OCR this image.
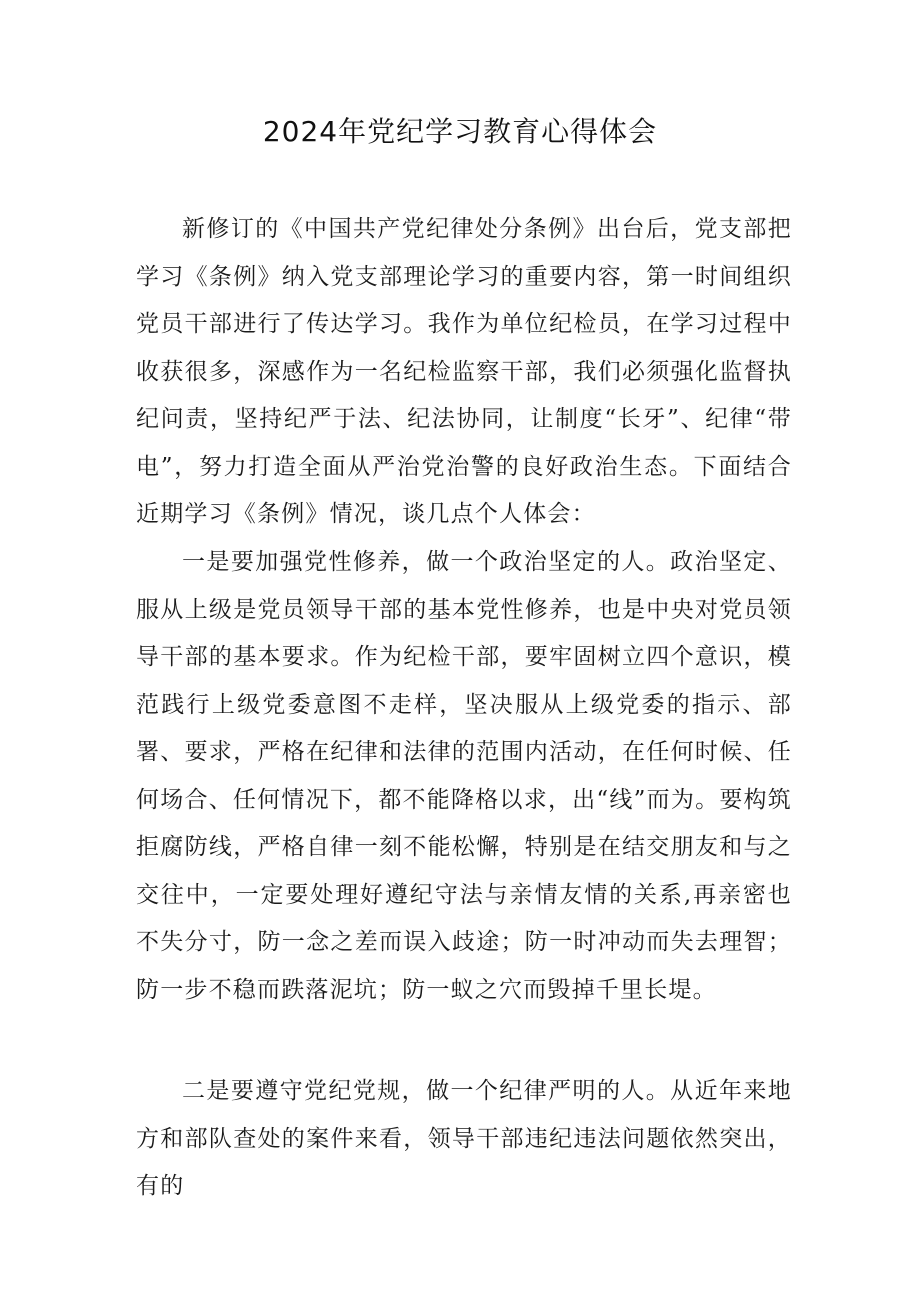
2024年党纪学习教育心得体会

新修订的《中国共产党纪律处分条例》出台后，党支部把学习《条例》纳入党支部理论学习的重要内容，第一时间组织党员干部进行了传达学习。我作为单位纪检员，在学习过程中收获很多，深感作为一名纪检监察干部，我们必须强化监督执纪问责，坚持纪严于法、纪法协同，让制度“长牙”、纪律“带电”，努力打造全面从严治党治警的良好政治生态。下面结合近期学习《条例》情况，谈几点个人体会：

一是要加强党性修养，做一个政治坚定的人。政治坚定、服从上级是党员领导干部的基本党性修养，也是中央对党员领导干部的基本要求。作为纪检干部，要牢固树立四个意识，模范践行上级党委意图不走样，坚决服从上级党委的指示、部署、要求，严格在纪律和法律的范围内活动，在任何时候、任何场合、任何情况下，都不能降格以求，出“线”而为。要构筑拒腐防线，严格自律一刻不能松懈，特别是在结交朋友和与之交往中，一定要处理好遵纪守法与亲情友情的关系,再亲密也不失分寸，防一念之差而误入歧途；防一时冲动而失去理智；防一步不稳而跌落泥坑；防一蚁之穴而毁掉千里长堤。

二是要遵守党纪党规，做一个纪律严明的人。从近年来地方和部队查处的案件来看，领导干部违纪违法问题依然突出，有的
